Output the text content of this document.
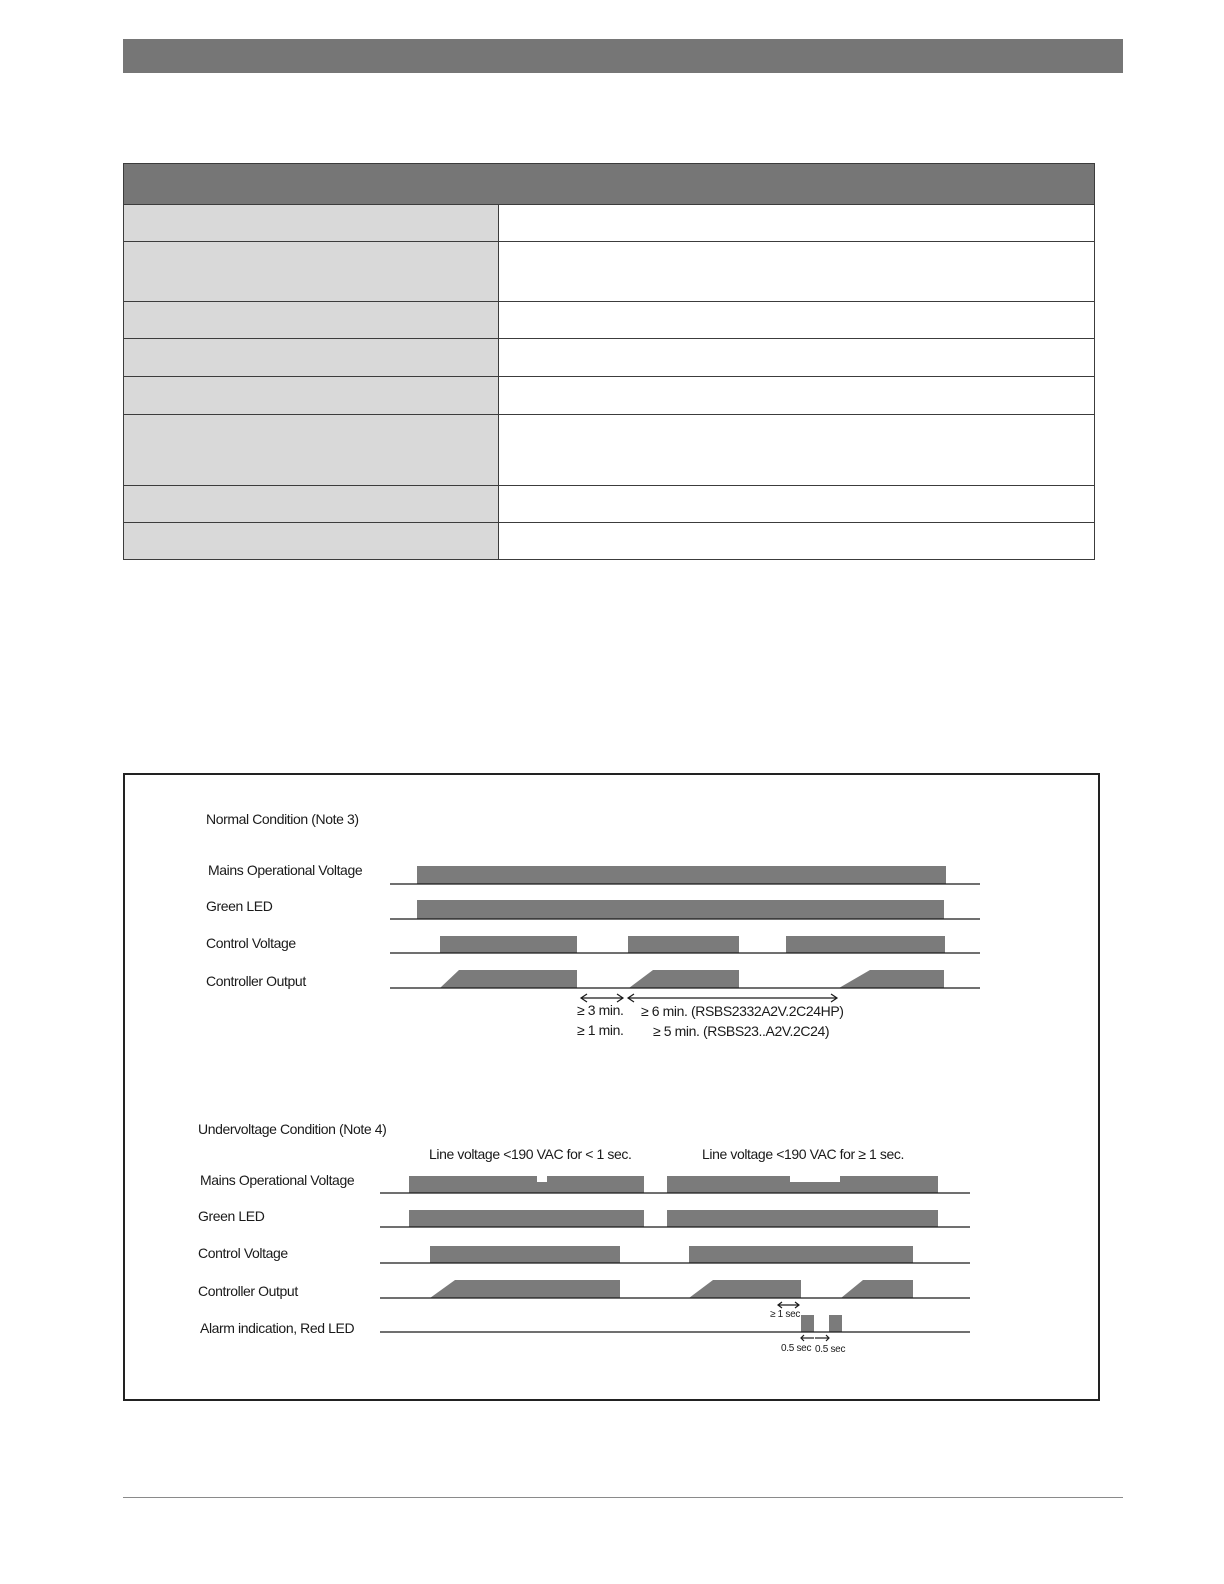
Normal Condition (Note 3)
Mains Operational Voltage
Green LED
Control Voltage
Controller Output
≥ 3 min.
≥ 1 min.
≥ 6 min. (RSBS2332A2V.2C24HP)
≥ 5 min. (RSBS23..A2V.2C24)
Undervoltage Condition (Note 4)
Line voltage <190 VAC for < 1 sec.	Line voltage <190 VAC for ≥ 1 sec.
Mains Operational Voltage
Green LED
Control Voltage
Controller Output
Alarm indication, Red LED
≥ 1 sec
0.5 sec 0.5 sec
